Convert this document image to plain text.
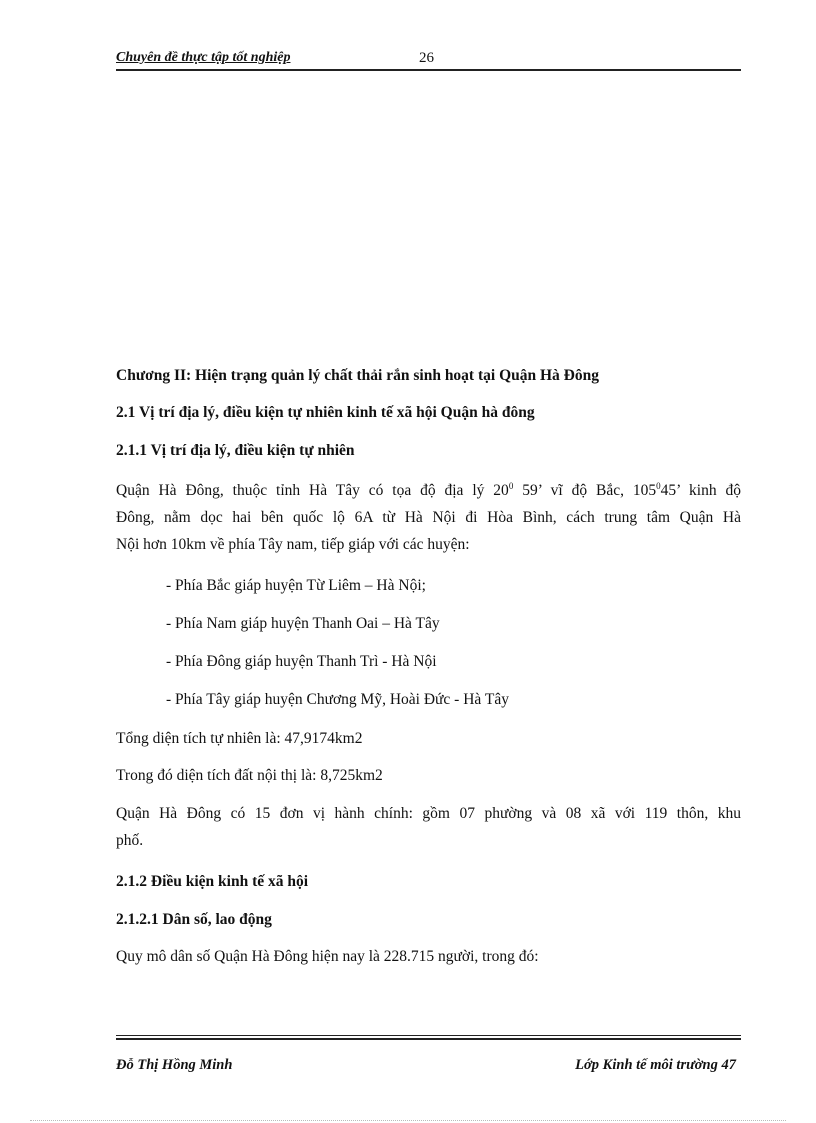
Chuyên đề thực tập tốt nghiệp	26
Chương II: Hiện trạng quản lý chất thải rắn sinh hoạt tại Quận Hà Đông
2.1 Vị trí địa lý, điều kiện tự nhiên kinh tế xã hội Quận hà đông
2.1.1 Vị trí địa lý, điều kiện tự nhiên
Quận Hà Đông, thuộc tỉnh Hà Tây có tọa độ địa lý $20^0$ 59’ vĩ độ Bắc, $105^045$’ kinh độ
Đông, nằm dọc hai bên quốc lộ 6A từ Hà Nội đi Hòa Bình, cách trung tâm Quận Hà
Nội hơn 10km về phía Tây nam, tiếp giáp với các huyện:
- Phía Bắc giáp huyện Từ Liêm – Hà Nội;
- Phía Nam giáp huyện Thanh Oai – Hà Tây
- Phía Đông giáp huyện Thanh Trì - Hà Nội
- Phía Tây giáp huyện Chương Mỹ, Hoài Đức - Hà Tây
Tổng diện tích tự nhiên là: 47,9174km2
Trong đó diện tích đất nội thị là: 8,725km2
Quận Hà Đông có 15 đơn vị hành chính: gồm 07 phường và 08 xã với 119 thôn, khu
phố.
2.1.2 Điều kiện kinh tế xã hội
2.1.2.1 Dân số, lao động
Quy mô dân số Quận Hà Đông hiện nay là 228.715 người, trong đó:
Đỗ Thị Hồng Minh	Lớp Kinh tế môi trường 47
